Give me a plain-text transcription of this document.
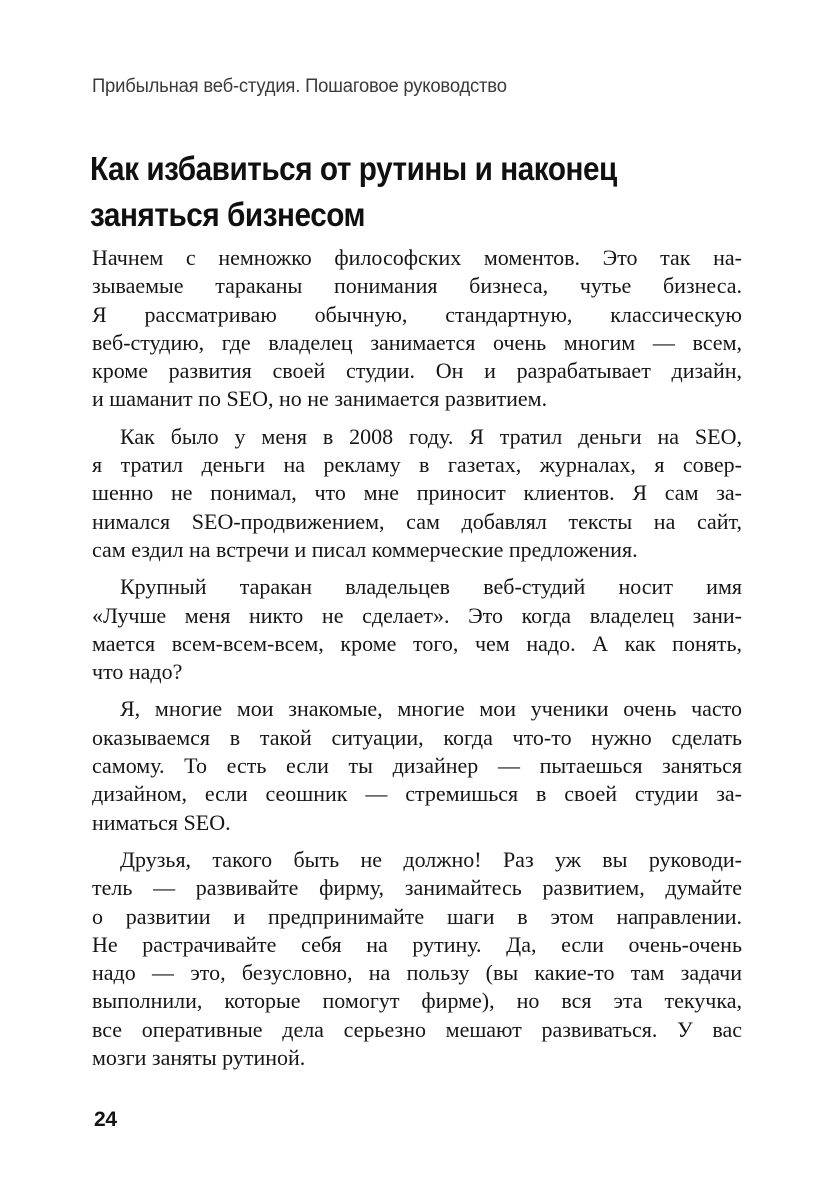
Прибыльная веб-студия. Пошаговое руководство
Как избавиться от рутины и наконец
заняться бизнесом
Начнем с немножко философских моментов. Это так на-
зываемые тараканы понимания бизнеса, чутье бизнеса.
Я рассматриваю обычную, стандартную, классическую
веб-студию, где владелец занимается очень многим — всем,
кроме развития своей студии. Он и разрабатывает дизайн,
и шаманит по SEO, но не занимается развитием.
Как было у меня в 2008 году. Я тратил деньги на SEO,
я тратил деньги на рекламу в газетах, журналах, я совер-
шенно не понимал, что мне приносит клиентов. Я сам за-
нимался SEO-продвижением, сам добавлял тексты на сайт,
сам ездил на встречи и писал коммерческие предложения.
Крупный таракан владельцев веб-студий носит имя
«Лучше меня никто не сделает». Это когда владелец зани-
мается всем-всем-всем, кроме того, чем надо. А как понять,
что надо?
Я, многие мои знакомые, многие мои ученики очень часто
оказываемся в такой ситуации, когда что-то нужно сделать
самому. То есть если ты дизайнер — пытаешься заняться
дизайном, если сеошник — стремишься в своей студии за-
ниматься SEO.
Друзья, такого быть не должно! Раз уж вы руководи-
тель — развивайте фирму, занимайтесь развитием, думайте
о развитии и предпринимайте шаги в этом направлении.
Не растрачивайте себя на рутину. Да, если очень-очень
надо — это, безусловно, на пользу (вы какие-то там задачи
выполнили, которые помогут фирме), но вся эта текучка,
все оперативные дела серьезно мешают развиваться. У вас
мозги заняты рутиной.
24
